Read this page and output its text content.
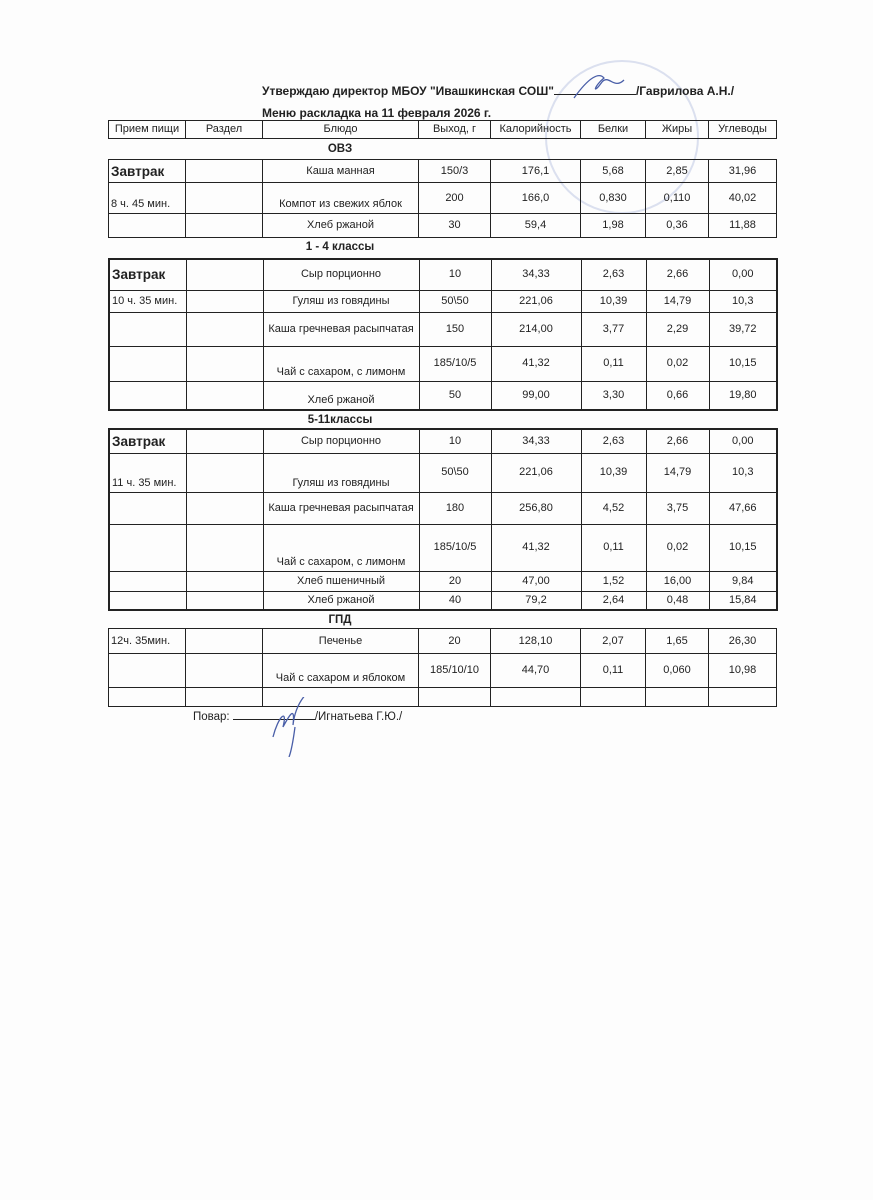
Утверждаю директор МБОУ "Ивашкинская СОШ"	/Гаврилова А.Н./
Меню раскладка на 11 февраля 2026 г.
Прием пищи	Раздел	Блюдо	Выход, г	Калорийность	Белки	Жиры	Углеводы
ОВЗ
Завтрак		Каша манная	150/3	176,1	5,68	2,85	31,96
8 ч. 45 мин.		Компот из свежих яблок	200	166,0	0,830	0,110	40,02
		Хлеб ржаной	30	59,4	1,98	0,36	11,88
1 - 4 классы
Завтрак		Сыр порционно	10	34,33	2,63	2,66	0,00
10 ч. 35 мин.		Гуляш из говядины	50\50	221,06	10,39	14,79	10,3
		Каша гречневая расыпчатая	150	214,00	3,77	2,29	39,72
		Чай с сахаром, с лимонм	185/10/5	41,32	0,11	0,02	10,15
		Хлеб ржаной	50	99,00	3,30	0,66	19,80
5-11классы
Завтрак		Сыр порционно	10	34,33	2,63	2,66	0,00
11 ч. 35 мин.		Гуляш из говядины	50\50	221,06	10,39	14,79	10,3
		Каша гречневая расыпчатая	180	256,80	4,52	3,75	47,66
		Чай с сахаром, с лимонм	185/10/5	41,32	0,11	0,02	10,15
		Хлеб пшеничный	20	47,00	1,52	16,00	9,84
		Хлеб ржаной	40	79,2	2,64	0,48	15,84
ГПД
12ч. 35мин.		Печенье	20	128,10	2,07	1,65	26,30
		Чай с сахаром и яблоком	185/10/10	44,70	0,11	0,060	10,98

Повар:	/Игнатьева Г.Ю./
